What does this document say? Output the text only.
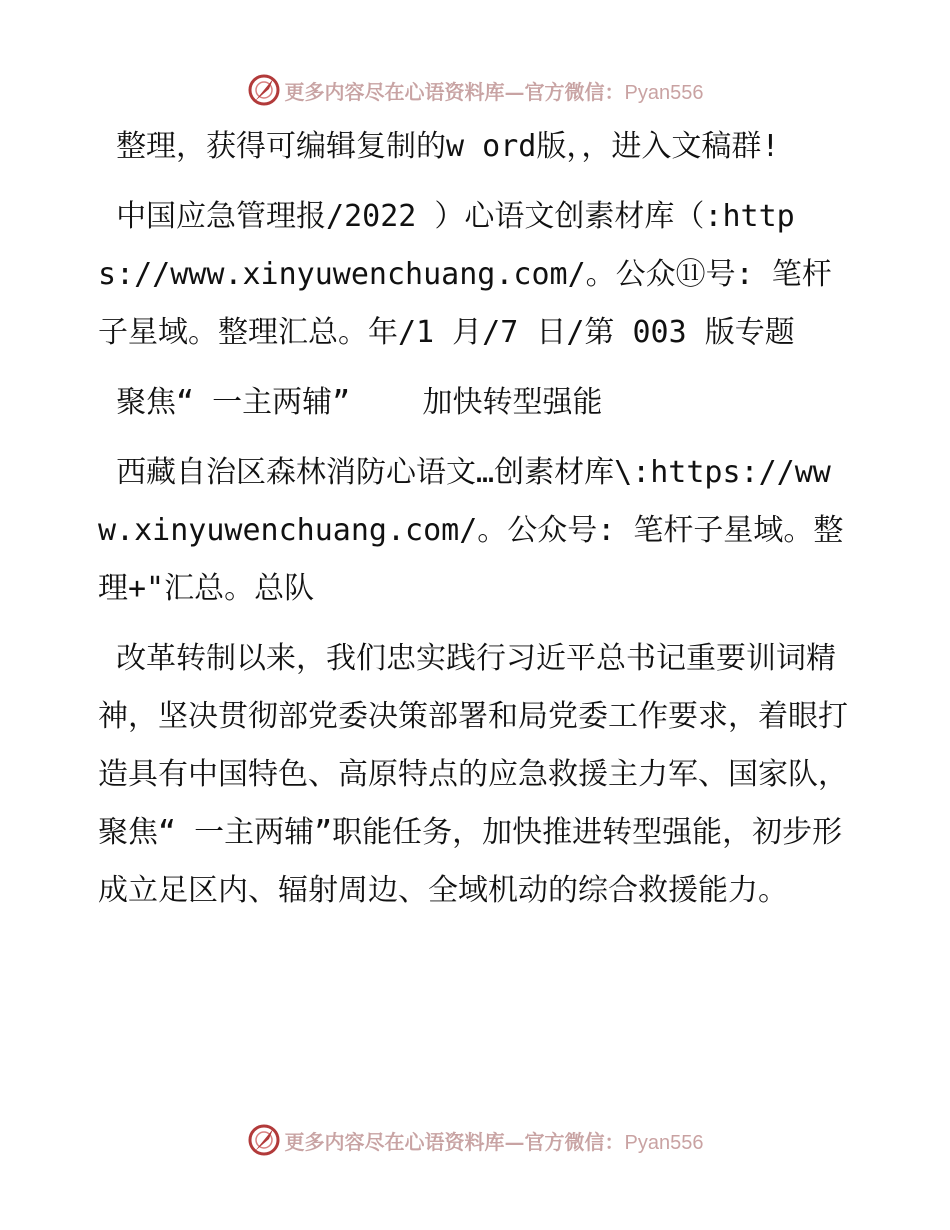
更多内容尽在心语资料库—官方微信：Pyan556

整理，获得可编辑复制的w ord版，，进入文稿群!

中国应急管理报/2022 ）心语文创素材库（:https://www.xinyuwenchuang.com/。公众⑪号: 笔杆子星域。整理汇总。年/1 月/7 日/第 003 版专题

聚焦“ 一主两辅”    加快转型强能

西藏自治区森林消防心语文…创素材库\:https://www.xinyuwenchuang.com/。公众号: 笔杆子星域。整理+"汇总。总队

改革转制以来，我们忠实践行习近平总书记重要训词精神，坚决贯彻部党委决策部署和局党委工作要求，着眼打造具有中国特色、高原特点的应急救援主力军、国家队，聚焦“ 一主两辅”职能任务，加快推进转型强能，初步形成立足区内、辐射周边、全域机动的综合救援能力。

更多内容尽在心语资料库—官方微信：Pyan556
